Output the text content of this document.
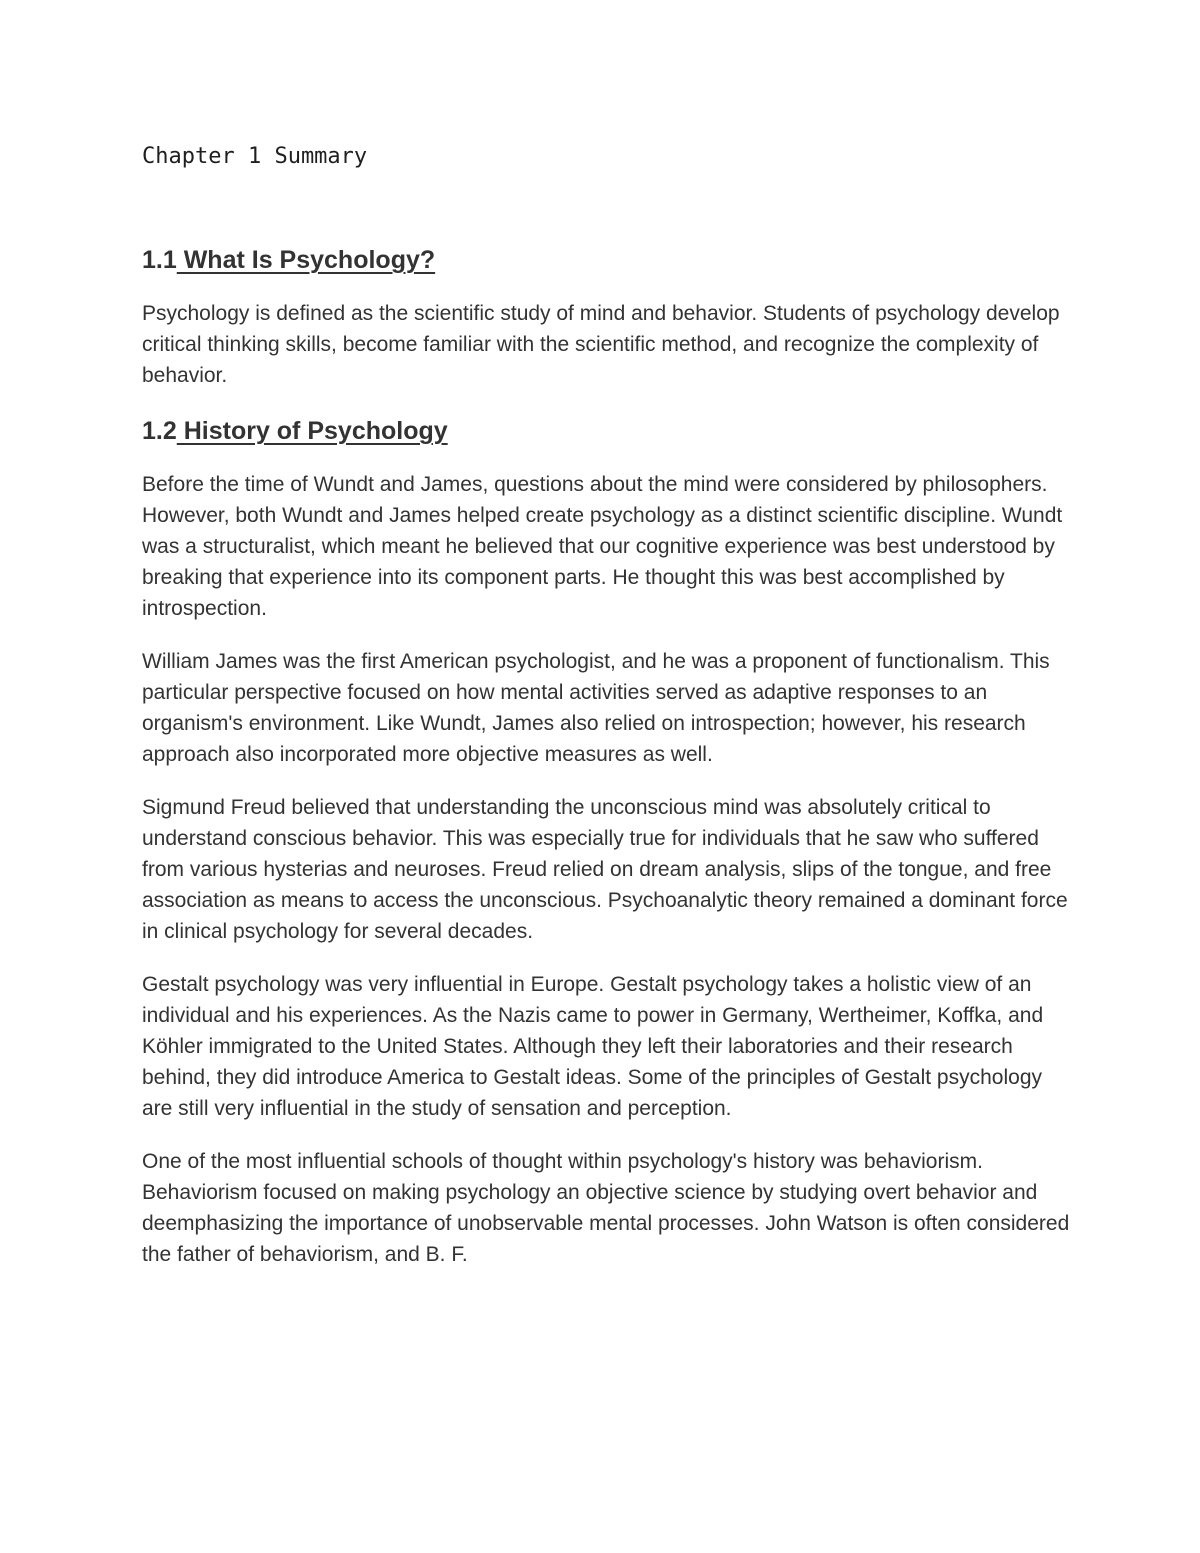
Chapter 1 Summary
1.1 What Is Psychology?

Psychology is defined as the scientific study of mind and behavior. Students of psychology develop critical thinking skills, become familiar with the scientific method, and recognize the complexity of behavior.

1.2 History of Psychology

Before the time of Wundt and James, questions about the mind were considered by philosophers. However, both Wundt and James helped create psychology as a distinct scientific discipline. Wundt was a structuralist, which meant he believed that our cognitive experience was best understood by breaking that experience into its component parts. He thought this was best accomplished by introspection.

William James was the first American psychologist, and he was a proponent of functionalism. This particular perspective focused on how mental activities served as adaptive responses to an organism's environment. Like Wundt, James also relied on introspection; however, his research approach also incorporated more objective measures as well.

Sigmund Freud believed that understanding the unconscious mind was absolutely critical to understand conscious behavior. This was especially true for individuals that he saw who suffered from various hysterias and neuroses. Freud relied on dream analysis, slips of the tongue, and free association as means to access the unconscious. Psychoanalytic theory remained a dominant force in clinical psychology for several decades.

Gestalt psychology was very influential in Europe. Gestalt psychology takes a holistic view of an individual and his experiences. As the Nazis came to power in Germany, Wertheimer, Koffka, and Köhler immigrated to the United States. Although they left their laboratories and their research behind, they did introduce America to Gestalt ideas. Some of the principles of Gestalt psychology are still very influential in the study of sensation and perception.

One of the most influential schools of thought within psychology's history was behaviorism. Behaviorism focused on making psychology an objective science by studying overt behavior and deemphasizing the importance of unobservable mental processes. John Watson is often considered the father of behaviorism, and B. F.
